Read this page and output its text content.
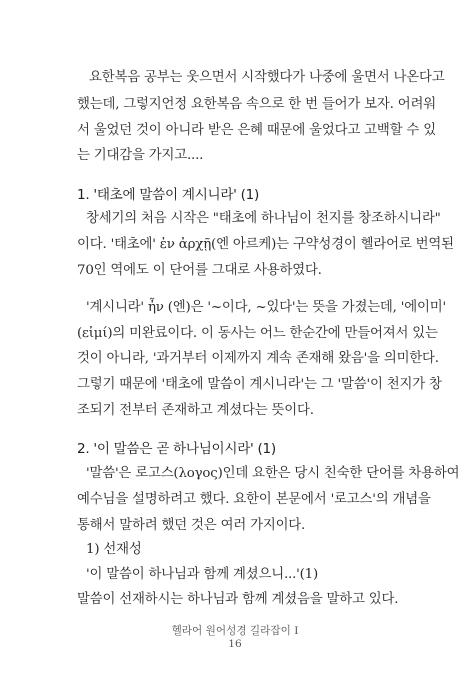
요한복음 공부는 웃으면서 시작했다가 나중에 울면서 나온다고
했는데, 그렇지언정 요한복음 속으로 한 번 들어가 보자. 어려워
서 울었던 것이 아니라 받은 은혜 때문에 울었다고 고백할 수 있
는 기대감을 가지고....
1. '태초에 말씀이 계시니라' (1)
창세기의 처음 시작은 "태초에 하나님이 천지를 창조하시니라"
이다. '태초에' ἐν ἀρχῇ(엔 아르케)는 구약성경이 헬라어로 번역된
70인 역에도 이 단어를 그대로 사용하였다.
'계시니라' ἦν (엔)은 '~이다, ~있다'는 뜻을 가졌는데, '에이미'
(εἰμί)의 미완료이다. 이 동사는 어느 한순간에 만들어져서 있는
것이 아니라, '과거부터 이제까지 계속 존재해 왔음'을 의미한다.
그렇기 때문에 '태초에 말씀이 계시니라'는 그 '말씀'이 천지가 창
조되기 전부터 존재하고 계셨다는 뜻이다.
2. '이 말씀은 곧 하나님이시라' (1)
'말씀'은 로고스(λογος)인데 요한은 당시 친숙한 단어를 차용하여
예수님을 설명하려고 했다. 요한이 본문에서 '로고스'의 개념을
통해서 말하려 했던 것은 여러 가지이다.
1) 선재성
'이 말씀이 하나님과 함께 계셨으니...'(1)
말씀이 선재하시는 하나님과 함께 계셨음을 말하고 있다.
헬라어 원어성경 길라잡이 I
16
